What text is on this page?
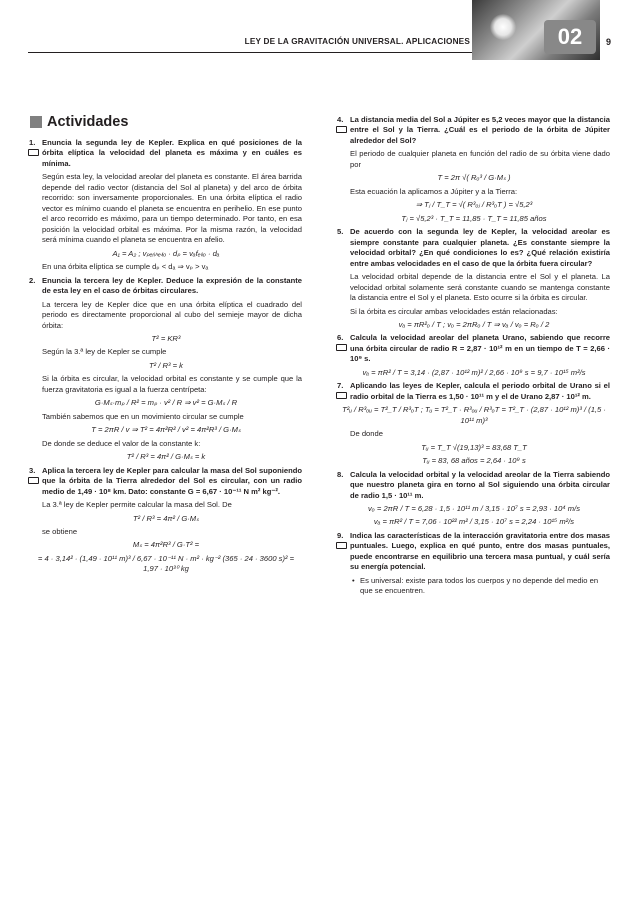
LEY DE LA GRAVITACIÓN UNIVERSAL. APLICACIONES	02	9
Actividades
1. Enuncia la segunda ley de Kepler. Explica en qué posiciones de la órbita elíptica la velocidad del planeta es máxima y en cuáles es mínima.
Según esta ley, la velocidad areolar del planeta es constante. El área barrida depende del radio vector (distancia del Sol al planeta) y del arco de órbita recorrido: son inversamente proporcionales. En una órbita elíptica el radio vector es mínimo cuando el planeta se encuentra en perihelio. En ese punto el arco recorrido es máximo, para un tiempo determinado. Por tanto, en esa posición la velocidad orbital es máxima. Por la misma razón, la velocidad será mínima cuando el planeta se encuentra en afelio.
A₁ = A₂ ; vₚₑᵣᵢₕₑₗᵢₒ · dₚ = vₐfₑₗᵢₒ · dₐ
En una órbita elíptica se cumple dₚ < dₐ ⇒ vₚ > vₐ
2. Enuncia la tercera ley de Kepler. Deduce la expresión de la constante de esta ley en el caso de órbitas circulares.
La tercera ley de Kepler dice que en una órbita elíptica el cuadrado del periodo es directamente proporcional al cubo del semieje mayor de dicha órbita:
T² = KR³
Según la 3.ª ley de Kepler se cumple
T² / R³ = k
Si la órbita es circular, la velocidad orbital es constante y se cumple que la fuerza gravitatoria es igual a la fuerza centrípeta:
G·Mₛ·mₚ / R² = mₚ · v² / R ⇒ v² = G·Mₛ / R
También sabemos que en un movimiento circular se cumple
T = 2πR / v ⇒ T² = 4π²R² / v² = 4π²R³ / G·Mₛ
De donde se deduce el valor de la constante k:
T² / R³ = 4π² / G·Mₛ = k
3. Aplica la tercera ley de Kepler para calcular la masa del Sol suponiendo que la órbita de la Tierra alrededor del Sol es circular, con un radio medio de 1,49 · 10⁸ km. Dato: constante G = 6,67 · 10⁻¹¹ N m² kg⁻².
La 3.ª ley de Kepler permite calcular la masa del Sol. De
T² / R³ = 4π² / G·Mₛ
se obtiene
Mₛ = 4π²R³ / G·T² =
= 4 · 3,14² · (1,49 · 10¹¹ m)³ / 6,67 · 10⁻¹¹ N · m² · kg⁻² (365 · 24 · 3600 s)² = 1,97 · 10³⁰ kg
4. La distancia media del Sol a Júpiter es 5,2 veces mayor que la distancia entre el Sol y la Tierra. ¿Cuál es el periodo de la órbita de Júpiter alrededor del Sol?
El periodo de cualquier planeta en función del radio de su órbita viene dado por
T = 2π √( Rₒ³ / G·Mₛ )
Esta ecuación la aplicamos a Júpiter y a la Tierra:
⇒ Tⱼ / T_T = √( R³ₒⱼ / R³ₒT ) = √5,2³
Tⱼ = √5,2³ · T_T = 11,85 · T_T = 11,85 años
5. De acuerdo con la segunda ley de Kepler, la velocidad areolar es siempre constante para cualquier planeta. ¿Es constante siempre la velocidad orbital? ¿En qué condiciones lo es? ¿Qué relación existiría entre ambas velocidades en el caso de que la órbita fuera circular?
La velocidad orbital depende de la distancia entre el Sol y el planeta. La velocidad orbital solamente será constante cuando se mantenga constante la distancia entre el Sol y el planeta. Esto ocurre si la órbita es circular.
Si la órbita es circular ambas velocidades están relacionadas:
vₐ = πR²ₒ / T ; vₒ = 2πRₒ / T ⇒ vₐ / vₒ = Rₒ / 2
6. Calcula la velocidad areolar del planeta Urano, sabiendo que recorre una órbita circular de radio R = 2,87 · 10¹² m en un tiempo de T = 2,66 · 10⁹ s.
vₐ = πR² / T = 3,14 · (2,87 · 10¹² m)² / 2,66 · 10⁹ s = 9,7 · 10¹⁵ m²/s
7. Aplicando las leyes de Kepler, calcula el periodo orbital de Urano si el radio orbital de la Tierra es 1,50 · 10¹¹ m y el de Urano 2,87 · 10¹² m.
T²ᵤ / R³ₒᵤ = T²_T / R³ₒT ; Tᵤ = T²_T · R³ₒᵤ / R³ₒT = T²_T · (2,87 · 10¹² m)³ / (1,5 · 10¹¹ m)³
De donde
Tᵤ = T_T √(19,13)³ = 83,68 T_T
Tᵤ = 83, 68 años = 2,64 · 10⁹ s
8. Calcula la velocidad orbital y la velocidad areolar de la Tierra sabiendo que nuestro planeta gira en torno al Sol siguiendo una órbita circular de radio 1,5 · 10¹¹ m.
vₒ = 2πR / T = 6,28 · 1,5 · 10¹¹ m / 3,15 · 10⁷ s = 2,93 · 10⁴ m/s
vₐ = πR² / T = 7,06 · 10²² m² / 3,15 · 10⁷ s = 2,24 · 10¹⁵ m²/s
9. Indica las características de la interacción gravitatoria entre dos masas puntuales. Luego, explica en qué punto, entre dos masas puntuales, puede encontrarse en equilibrio una tercera masa puntual, y cuál sería su energía potencial.
• Es universal: existe para todos los cuerpos y no depende del medio en que se encuentren.
